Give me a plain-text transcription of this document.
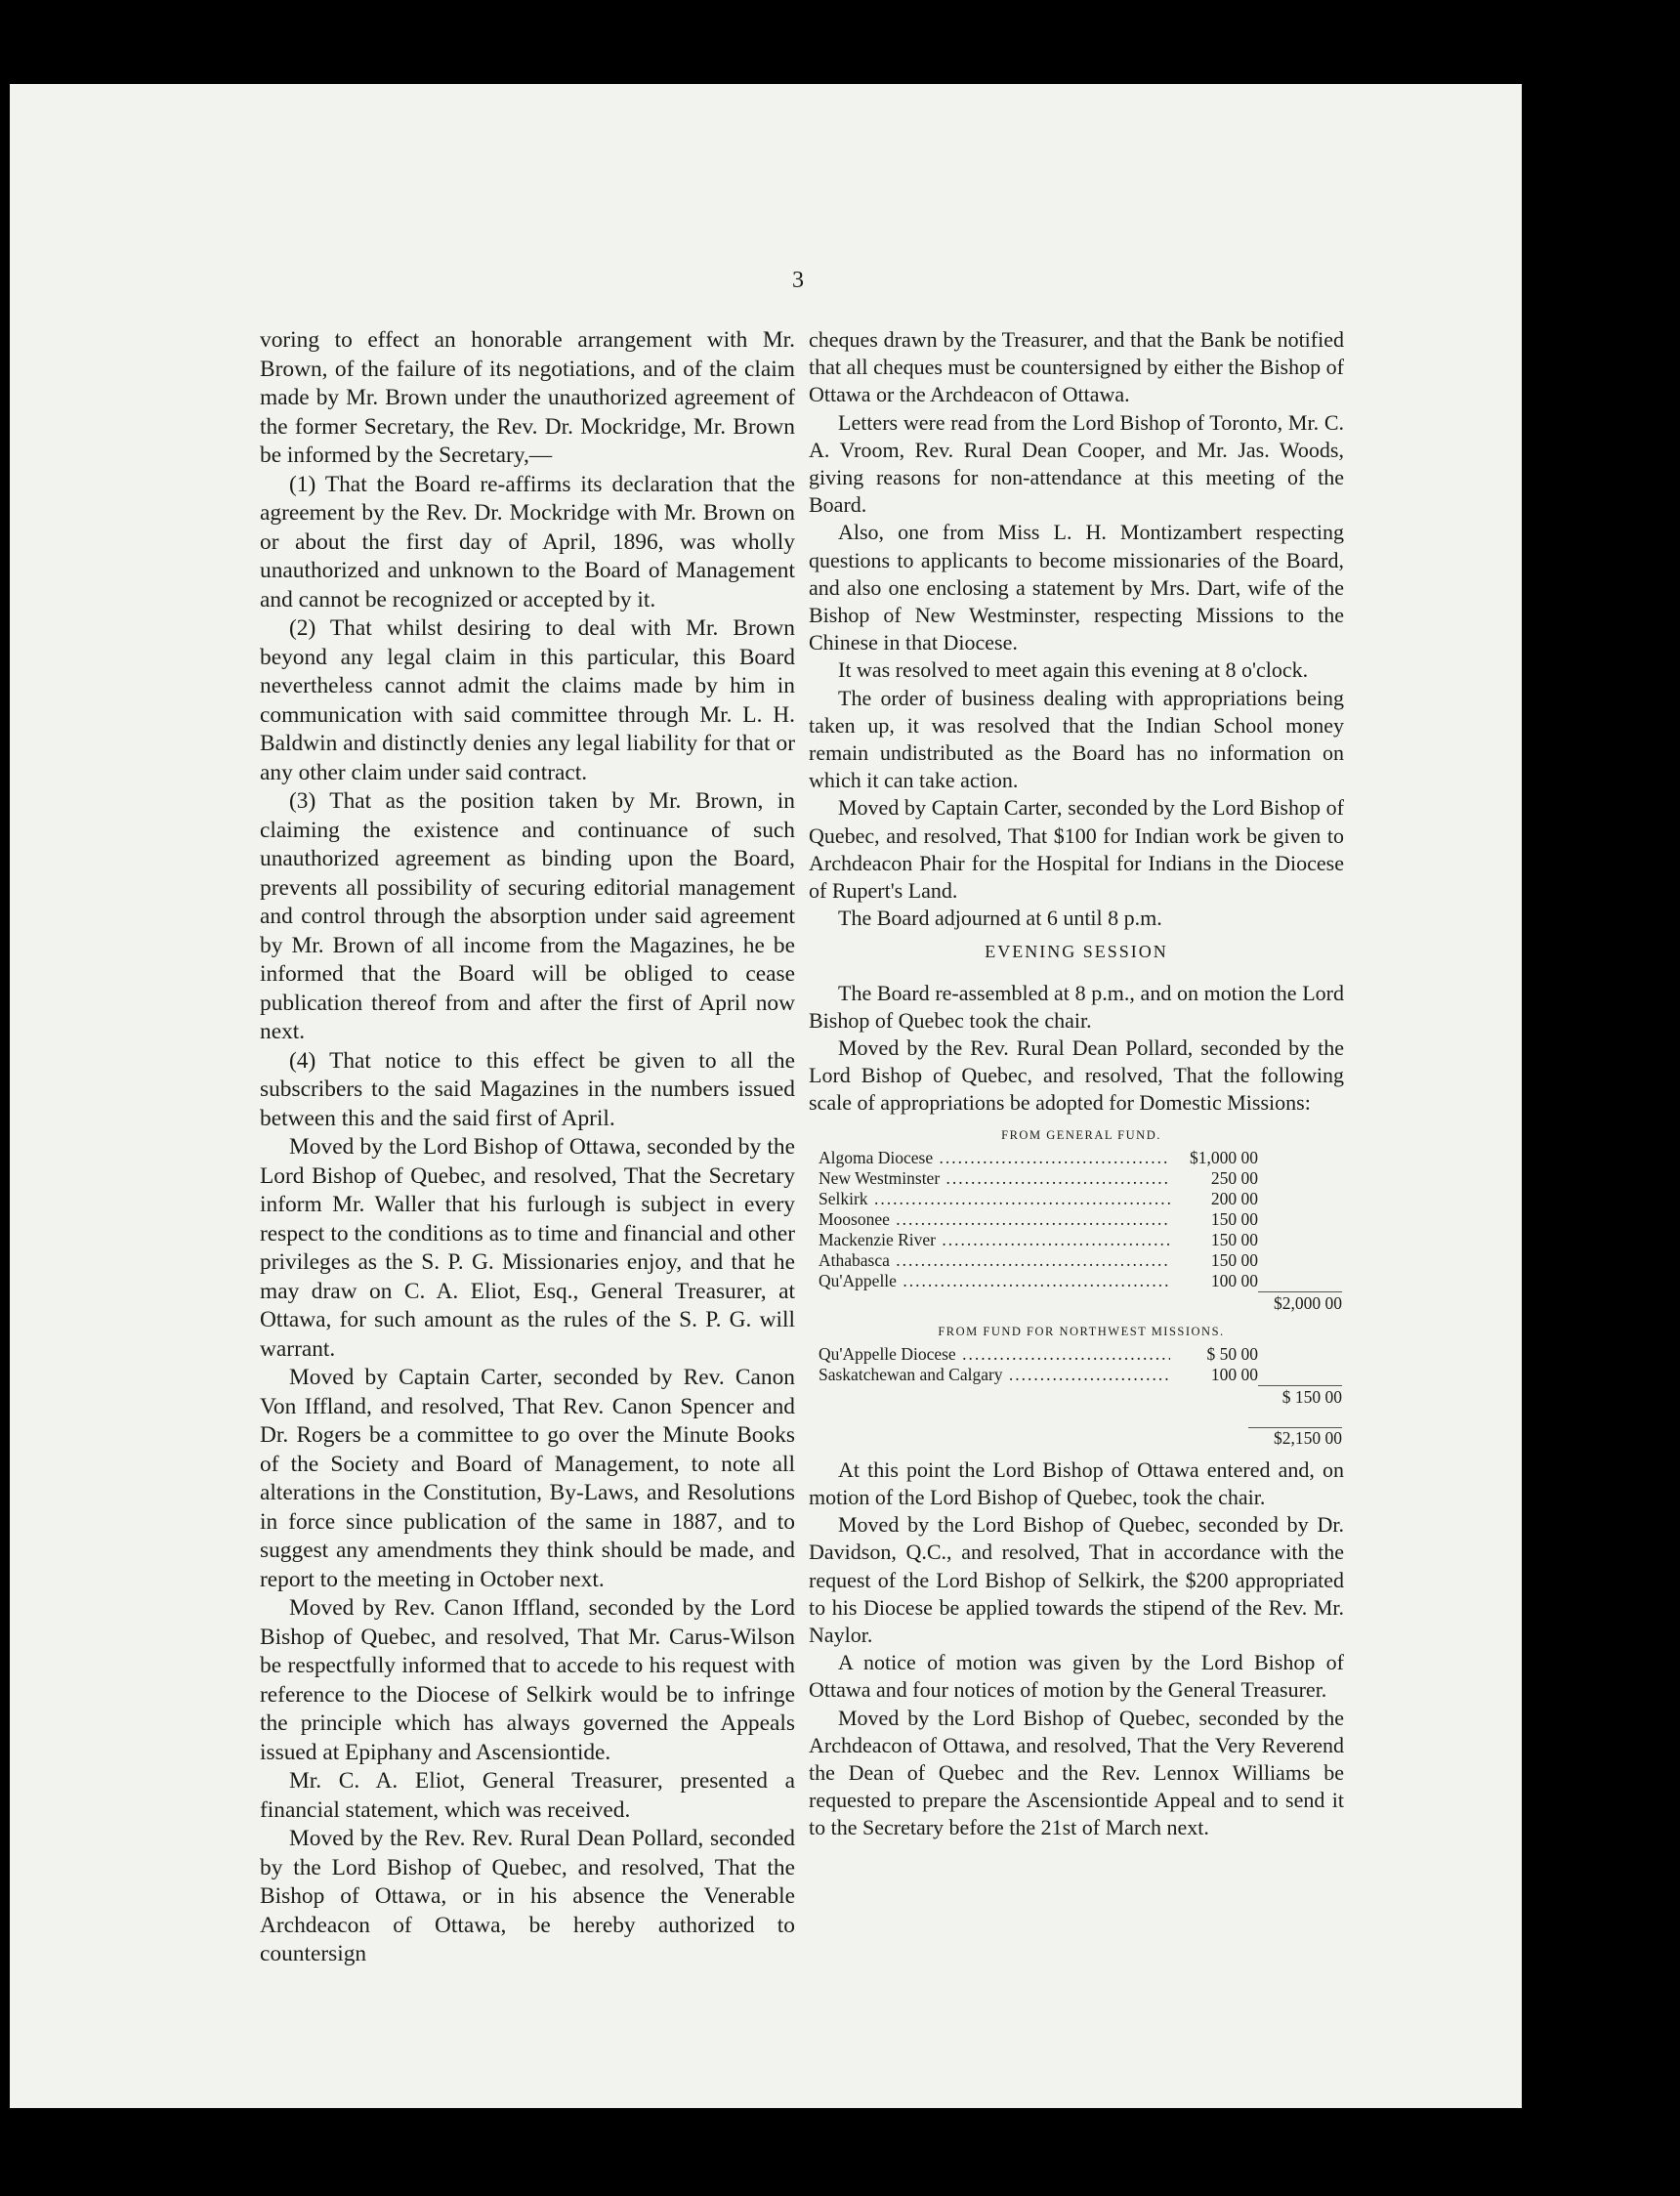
3

voring to effect an honorable arrangement with Mr. Brown, of the failure of its negotiations, and of the claim made by Mr. Brown under the unauthorized agreement of the former Secretary, the Rev. Dr. Mockridge, Mr. Brown be informed by the Secretary,—

(1) That the Board re-affirms its declaration that the agreement by the Rev. Dr. Mockridge with Mr. Brown on or about the first day of April, 1896, was wholly unauthorized and unknown to the Board of Management and cannot be recognized or accepted by it.

(2) That whilst desiring to deal with Mr. Brown beyond any legal claim in this particular, this Board nevertheless cannot admit the claims made by him in communication with said committee through Mr. L. H. Baldwin and distinctly denies any legal liability for that or any other claim under said contract.

(3) That as the position taken by Mr. Brown, in claiming the existence and continuance of such unauthorized agreement as binding upon the Board, prevents all possibility of securing editorial management and control through the absorption under said agreement by Mr. Brown of all income from the Magazines, he be informed that the Board will be obliged to cease publication thereof from and after the first of April now next.

(4) That notice to this effect be given to all the subscribers to the said Magazines in the numbers issued between this and the said first of April.

Moved by the Lord Bishop of Ottawa, seconded by the Lord Bishop of Quebec, and resolved, That the Secretary inform Mr. Waller that his furlough is subject in every respect to the conditions as to time and financial and other privileges as the S. P. G. Missionaries enjoy, and that he may draw on C. A. Eliot, Esq., General Treasurer, at Ottawa, for such amount as the rules of the S. P. G. will warrant.

Moved by Captain Carter, seconded by Rev. Canon Von Iffland, and resolved, That Rev. Canon Spencer and Dr. Rogers be a committee to go over the Minute Books of the Society and Board of Management, to note all alterations in the Constitution, By-Laws, and Resolutions in force since publication of the same in 1887, and to suggest any amendments they think should be made, and report to the meeting in October next.

Moved by Rev. Canon Iffland, seconded by the Lord Bishop of Quebec, and resolved, That Mr. Carus-Wilson be respectfully informed that to accede to his request with reference to the Diocese of Selkirk would be to infringe the principle which has always governed the Appeals issued at Epiphany and Ascensiontide.

Mr. C. A. Eliot, General Treasurer, presented a financial statement, which was received.

Moved by the Rev. Rev. Rural Dean Pollard, seconded by the Lord Bishop of Quebec, and resolved, That the Bishop of Ottawa, or in his absence the Venerable Archdeacon of Ottawa, be hereby authorized to countersign

cheques drawn by the Treasurer, and that the Bank be notified that all cheques must be countersigned by either the Bishop of Ottawa or the Archdeacon of Ottawa.

Letters were read from the Lord Bishop of Toronto, Mr. C. A. Vroom, Rev. Rural Dean Cooper, and Mr. Jas. Woods, giving reasons for non-attendance at this meeting of the Board.

Also, one from Miss L. H. Montizambert respecting questions to applicants to become missionaries of the Board, and also one enclosing a statement by Mrs. Dart, wife of the Bishop of New Westminster, respecting Missions to the Chinese in that Diocese.

It was resolved to meet again this evening at 8 o'clock.

The order of business dealing with appropriations being taken up, it was resolved that the Indian School money remain undistributed as the Board has no information on which it can take action.

Moved by Captain Carter, seconded by the Lord Bishop of Quebec, and resolved, That $100 for Indian work be given to Archdeacon Phair for the Hospital for Indians in the Diocese of Rupert's Land.

The Board adjourned at 6 until 8 p.m.

EVENING SESSION

The Board re-assembled at 8 p.m., and on motion the Lord Bishop of Quebec took the chair.

Moved by the Rev. Rural Dean Pollard, seconded by the Lord Bishop of Quebec, and resolved, That the following scale of appropriations be adopted for Domestic Missions:

FROM GENERAL FUND.
Algoma Diocese .....	$1,000 00
New Westminster .....	250 00
Selkirk .....	200 00
Moosonee .....	150 00
Mackenzie River .....	150 00
Athabasca .....	150 00
Qu'Appelle .....	100 00
$2,000 00
FROM FUND FOR NORTHWEST MISSIONS.
Qu'Appelle Diocese .....	$ 50 00
Saskatchewan and Calgary .....	100 00
$ 150 00
$2,150 00

At this point the Lord Bishop of Ottawa entered and, on motion of the Lord Bishop of Quebec, took the chair.

Moved by the Lord Bishop of Quebec, seconded by Dr. Davidson, Q.C., and resolved, That in accordance with the request of the Lord Bishop of Selkirk, the $200 appropriated to his Diocese be applied towards the stipend of the Rev. Mr. Naylor.

A notice of motion was given by the Lord Bishop of Ottawa and four notices of motion by the General Treasurer.

Moved by the Lord Bishop of Quebec, seconded by the Archdeacon of Ottawa, and resolved, That the Very Reverend the Dean of Quebec and the Rev. Lennox Williams be requested to prepare the Ascensiontide Appeal and to send it to the Secretary before the 21st of March next.
